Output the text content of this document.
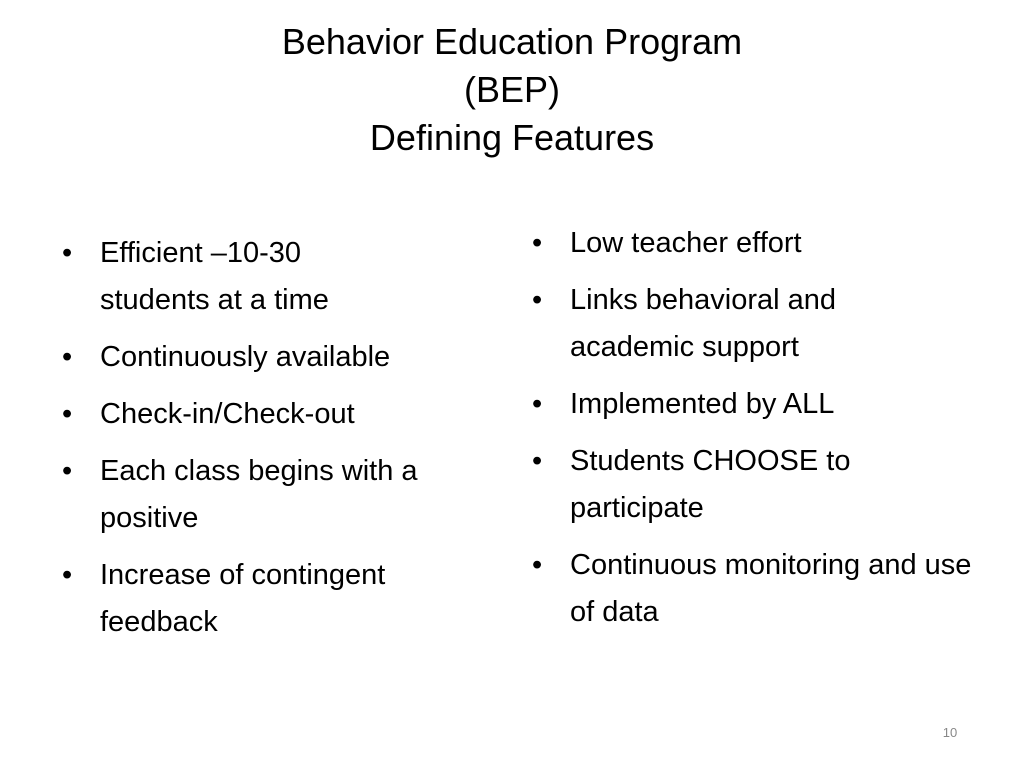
Behavior Education Program
(BEP)
Defining Features
• Efficient –10-30 students at a time
• Continuously available
• Check-in/Check-out
• Each class begins with a positive
• Increase of contingent feedback
• Low teacher effort
• Links behavioral and academic support
• Implemented by ALL
• Students CHOOSE to participate
• Continuous monitoring and use of data
10
